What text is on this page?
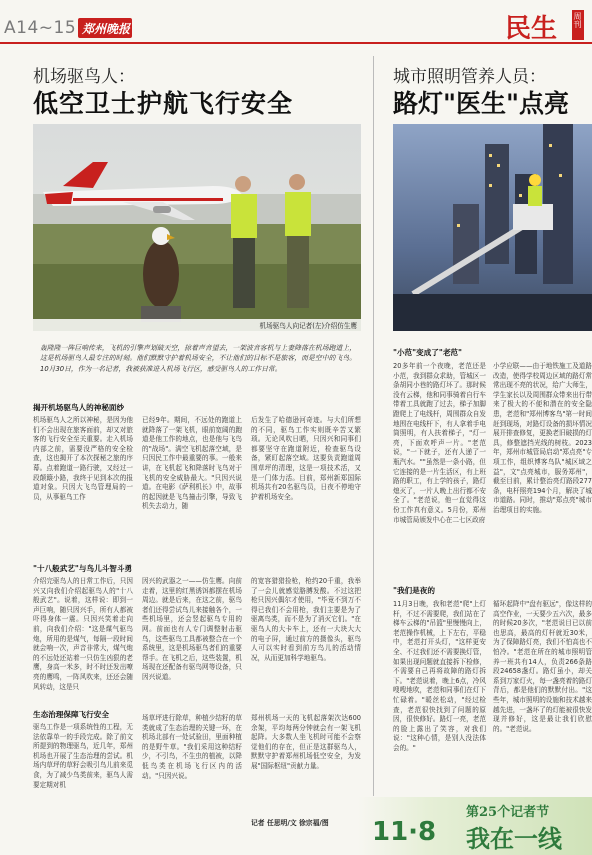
A14~15 郑州晚报	民生 周刊
机场驱鸟人：
低空卫士护航飞行安全
机场驱鸟人向记者(左)介绍仿生鹰
轰隆隆一阵巨响传来，飞机的引擎声划破天空，掠着声音望去，一架波音客机与上妻降落在机场跑道上，这是机场驱鸟人最专注的时刻。他们默默守护着机场安全，不让他们的目标不是旅客，而是空中的飞鸟。10月30日，作为一名记者，我被获准进入机场飞行区，感受驱鸟人的工作日常。
揭开机场驱鸟人的神秘面纱
机场驱鸟人之所以神秘，是因为他们不会出现在旅客面前，却又对旅客的飞行安全至关重要。走入机场内部之前，需要没严格的安全检查，这也揭开了本次探秘之旅的序幕。点着跑道一路行驶，又经过一段颠簸小路，我终于见到本次的报道对象。只因大飞鸟管理局的一员，从事驱鸟工作
已经9年。期间，不远处的跑道上就降落了一架飞机，眼前宽阔的跑道是他工作的地点，也是他与飞鸟的"战场"。满空飞机起落空域，是只因民工作中最重要的事。一般来讲，在飞机起飞和降落时飞鸟对于飞机的安全威胁最大。"只因兴说道。在电影《萨利机长》中，故事的起因就是飞鸟撞击引擎，导致飞机失去动力，随
后发生了哈德逊河奇迹。与大们所想的不同，驱鸟工作实则既辛苦又繁琐。无论风吹日晒，只因兴和同事们都要坚守在跑道附近，检查驱鸟设备，紧盯起落空域。这要负责跑道周围草坪的清理，这是一项技术活，又是一门体力活。目前，郑州新郑国际机场共有20名驱鸟员，日夜不停地守护着机场安全。
"十八般武艺"与鸟儿斗智斗勇
介绍完驱鸟人的日常工作后，只因兴又向我们介绍起驱鸟人的"十八般武艺"。说着，这样说：即到一声巨响，随只因兴手，所有人都被吓得身体一震。只因兴笑着走向前，向我们介绍："这是煤气驱鸟炮，所用的是煤气，每隔一段时间就会响一次，声音非常大，煤气炮的不远处还站着一只仿生凶狠的老鹰，身高一米多，时不时还发出嘹亮的鹰鸣，一阵风吹来，还还会随风转动，这是只
因兴的武器之一——仿生鹰。向前走着，这里的红黑诱饵都摆在机场周边。就是后来，在这之前，驱鸟者们还得尝试鸟儿来接触各个，一些机场里，还会竖起驱鸟专用的网。前面也有人专门调整射击驱鸟，这些驱鸟工具都被整合在一个系统里，这是机场驱鸟者们的重要帮手。在飞机之后，这些装置，机场现在还配备有驱鸟网等设备，只因兴说道。
的宽容猎猎捡枪，枪约20千重，我举了一会儿就感觉胳膊发酸。不过这把枪只因兴偶尔才使用，"毕竟不到万不得已我们不会用枪，我们主要是为了驱离鸟类，而不是为了消灭它们。"在驱鸟人的大卡车上，还有一大块大大的电子屏，通过前方的摄像头，驱鸟人可以实时看到前方鸟儿的活动情况，从而更加科学地驱鸟。
生态治理保障飞行安全
驱鸟工作是一项系统性的工程，无法依靠单一的手段完成。除了前文所提到的物理驱鸟，近几年，郑州机场也开展了生态治理的尝试。机场内草坪的草籽会吸引鸟儿前来觅食，为了减少鸟类前来，驱鸟人需要定期对机
场草坪进行除草，种植少结籽的草类就成了生态治理的关键一环，在机场北部有一处试验田，里面种植的是野牛草。"我们采用这种结籽少，不引鸟，不生虫的植被，以降低鸟类在机场飞行区内的活动。"只因兴说。
郑州机场一天的飞机起落架次达600余架，平均每两分钟就会有一架飞机起降。大多数人坐飞机时可能不会察觉他们的存在，但正是这群驱鸟人，默默守护着郑州机场低空安全，为发展"国际枢纽"贡献力量。
记者 任思明/文 徐宗福/图
城市照明管养人员：
路灯"医生"点亮
"小范"变成了"老范"
20多年前一个夜晚，老范还是小范，我到群众求助，管城区一条胡同小巷的路灯坏了。那时候没有云梯，他和同事骑着自行车带着工具就跑了过去，梯子加脚蹬爬上了电线杆，周围群众自发地围在电线杆下，有人拿着手电筒照明，有人扶着梯子，"灯一亮，下面欢呼声一片。"老范说，"一下就子，还有人递了一瓶汽水。""虽然是一条小路，但它连接的是一片生活区，有上班路的职工，有上学的孩子，路灯熄灭了，一片人晚上出行都不安全了。"老范说，他一直觉得这份工作真有意义。5月份，郑州市城管局颁发中心在二七区政府
小学应联——由于地铁施工及道路改造，使得学校周边区域的路灯常常出现不亮的状况，给广大师生，学生家长以及周围群众带来出行带来了极大的不便和潜在的安全隐患，老范和"郑州博客鸟"第一时间赶到现场，对路灯设备的损坏情况展开排查修复，更换老旧破损的灯具，修整遮挡光线的树枝。2023年，郑州市城管局启动"郑点亮"专项工作，组织博客鸟队"城区域之益"，文"点亮城市，服务郑州"，截至目前，累计整治亮灯路段277条，电杆照亮194个月，解决了城市道路。同时，推动"郑点亮"城市治理项目的实施。
"我们是夜的
11月3日晚，我和老范"爬"上灯杆，不过不需要爬，我们站在了梯车云梯的"吊篮"里慢慢向上，老范操作机械，上下左右，平稳中，老范打开头灯，"这样更安全、不过我们还不需要换灯管，如果出现问题就直接拆下检修，不需要自己再将故障的路灯拆下。"老范说着，晚上6点，冷风嗖嗖地吹，老范和同事们在灯下忙碌着。"暖丝松动，"经过检查，老范很快找到了问题的原因，很快修好。路灯一亮，老范的脸上露出了笑容，对我们说："这种心情，是别人没法体会的。"
循环起降中"盘有驱远"，像这样的高空作业，一天要少五六次，最多的时候20多次，"老范说目已以前也思高，最高的灯杆就近30米，为了保障路灯亮，我们不怕高也不怕冷。"老范在所在的城市照明管养一班共有14人，负责266条路段24658盏灯。路灯虽小，却关系到万家灯火，每一盏亮着的路灯背后，都是他们的默默付出。"这些年，城市照明的设施和技术越来越先进，一盏坏了的灯能被很快发现并修好，这是最让我们欣慰的。"老范说。
第25个记者节
11·8 我在一线
